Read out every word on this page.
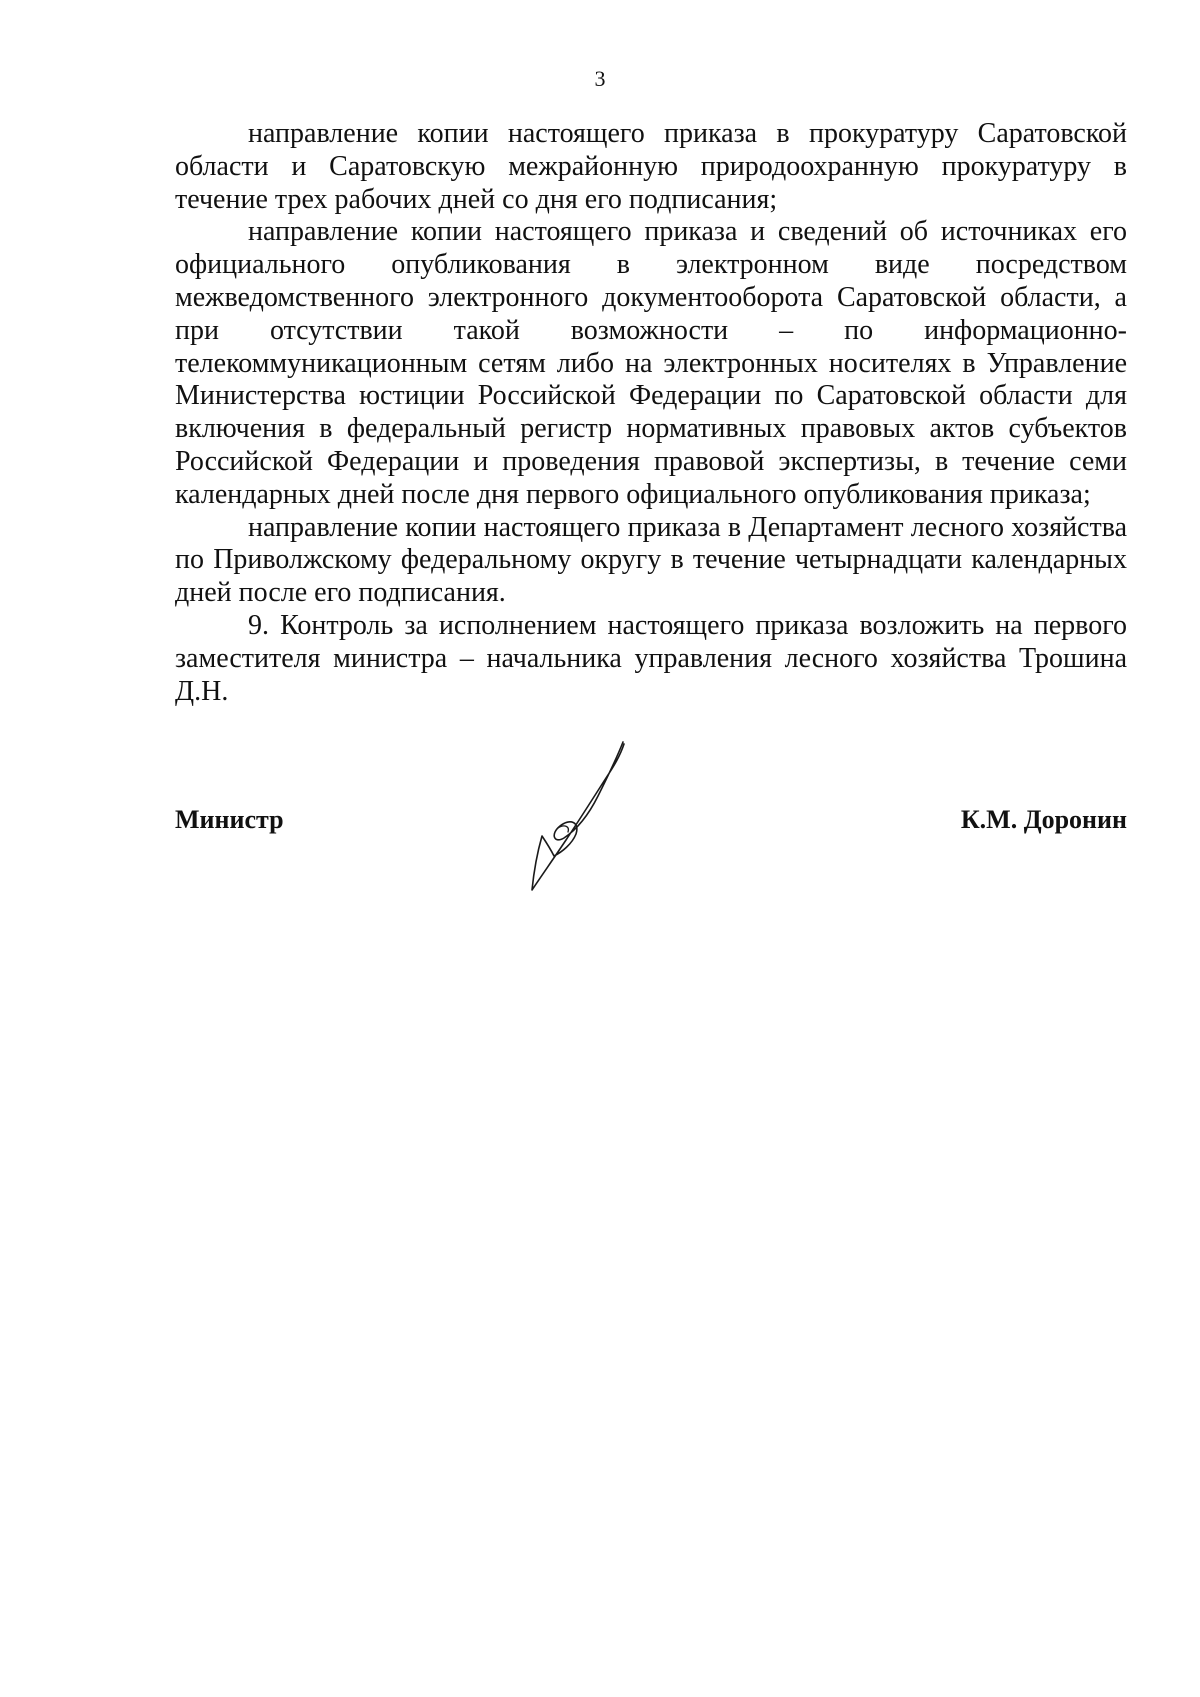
3

направление копии настоящего приказа в прокуратуру Саратовской области и Саратовскую межрайонную природоохранную прокуратуру в течение трех рабочих дней со дня его подписания;

направление копии настоящего приказа и сведений об источниках его официального опубликования в электронном виде посредством межведомственного электронного документооборота Саратовской области, а при отсутствии такой возможности – по информационно-телекоммуникационным сетям либо на электронных носителях в Управление Министерства юстиции Российской Федерации по Саратовской области для включения в федеральный регистр нормативных правовых актов субъектов Российской Федерации и проведения правовой экспертизы, в течение семи календарных дней после дня первого официального опубликования приказа;

направление копии настоящего приказа в Департамент лесного хозяйства по Приволжскому федеральному округу в течение четырнадцати календарных дней после его подписания.

9. Контроль за исполнением настоящего приказа возложить на первого заместителя министра – начальника управления лесного хозяйства Трошина Д.Н.

Министр	К.М. Доронин
